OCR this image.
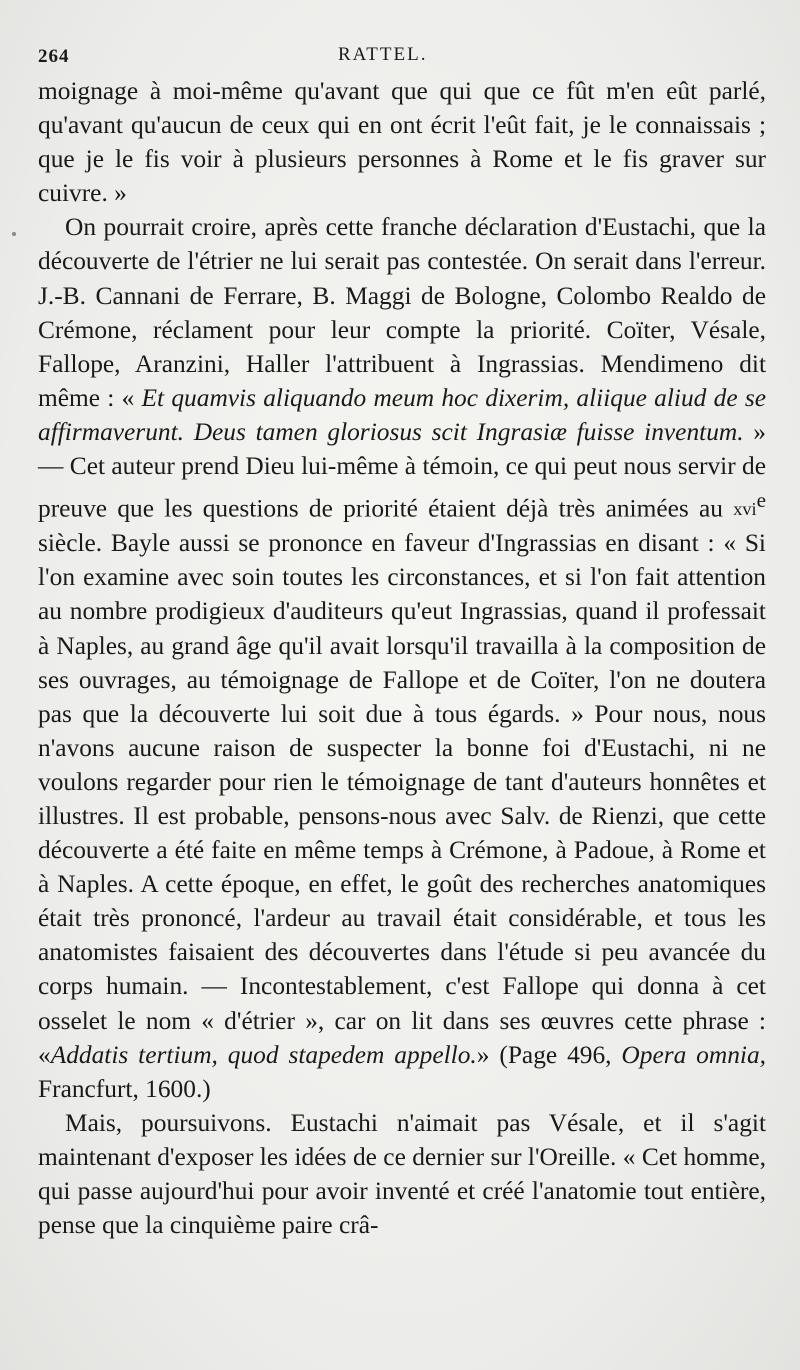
264	RATTEL.

moignage à moi-même qu'avant que qui que ce fût m'en eût parlé, qu'avant qu'aucun de ceux qui en ont écrit l'eût fait, je le connaissais ; que je le fis voir à plusieurs personnes à Rome et le fis graver sur cuivre. »

On pourrait croire, après cette franche déclaration d'Eustachi, que la découverte de l'étrier ne lui serait pas contestée. On serait dans l'erreur. J.-B. Cannani de Ferrare, B. Maggi de Bologne, Colombo Realdo de Crémone, réclament pour leur compte la priorité. Coïter, Vésale, Fallope, Aranzini, Haller l'attribuent à Ingrassias. Mendimeno dit même : « Et quamvis aliquando meum hoc dixerim, aliique aliud de se affirmaverunt. Deus tamen gloriosus scit Ingrasiæ fuisse inventum. » — Cet auteur prend Dieu lui-même à témoin, ce qui peut nous servir de preuve que les questions de priorité étaient déjà très animées au xvi$^e$ siècle. Bayle aussi se prononce en faveur d'Ingrassias en disant : « Si l'on examine avec soin toutes les circonstances, et si l'on fait attention au nombre prodigieux d'auditeurs qu'eut Ingrassias, quand il professait à Naples, au grand âge qu'il avait lorsqu'il travailla à la composition de ses ouvrages, au témoignage de Fallope et de Coïter, l'on ne doutera pas que la découverte lui soit due à tous égards. » Pour nous, nous n'avons aucune raison de suspecter la bonne foi d'Eustachi, ni ne voulons regarder pour rien le témoignage de tant d'auteurs honnêtes et illustres. Il est probable, pensons-nous avec Salv. de Rienzi, que cette découverte a été faite en même temps à Crémone, à Padoue, à Rome et à Naples. A cette époque, en effet, le goût des recherches anatomiques était très prononcé, l'ardeur au travail était considérable, et tous les anatomistes faisaient des découvertes dans l'étude si peu avancée du corps humain. — Incontestablement, c'est Fallope qui donna à cet osselet le nom « d'étrier », car on lit dans ses œuvres cette phrase : «Addatis tertium, quod stapedem appello.» (Page 496, Opera omnia, Francfurt, 1600.)

Mais, poursuivons. Eustachi n'aimait pas Vésale, et il s'agit maintenant d'exposer les idées de ce dernier sur l'Oreille. « Cet homme, qui passe aujourd'hui pour avoir inventé et créé l'anatomie tout entière, pense que la cinquième paire crâ-
